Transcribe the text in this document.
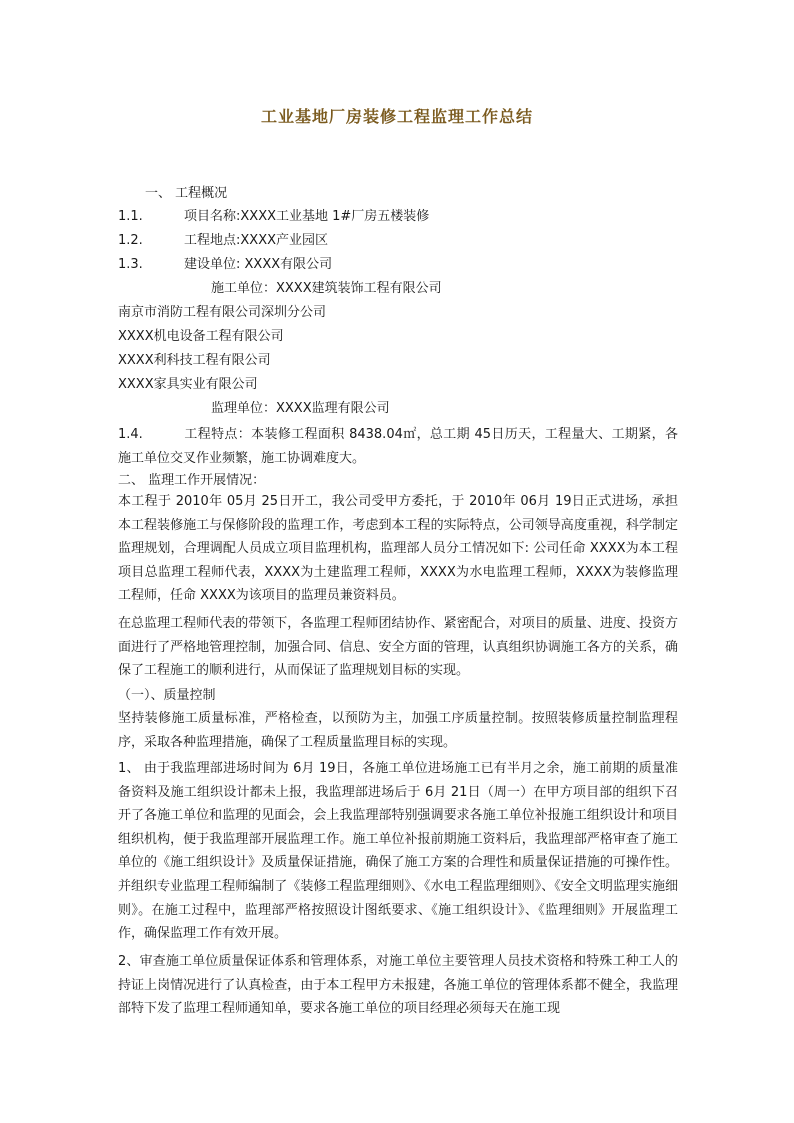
工业基地厂房装修工程监理工作总结
一、 工程概况
1.1.	项目名称:XXXX工业基地 1#厂房五楼装修
1.2.	工程地点:XXXX产业园区
1.3.	建设单位: XXXX有限公司
施工单位：XXXX建筑装饰工程有限公司
南京市消防工程有限公司深圳分公司
XXXX机电设备工程有限公司
XXXX利科技工程有限公司
XXXX家具实业有限公司
监理单位：XXXX监理有限公司
1.4.	工程特点：本装修工程面积 8438.04㎡，总工期 45日历天，工程量大、工期紧，各施工单位交叉作业频繁，施工协调难度大。
二、 监理工作开展情况：
本工程于 2010年 05月 25日开工，我公司受甲方委托，于 2010年 06月 19日正式进场，承担本工程装修施工与保修阶段的监理工作，考虑到本工程的实际特点，公司领导高度重视，科学制定监理规划，合理调配人员成立项目监理机构，监理部人员分工情况如下: 公司任命 XXXX为本工程项目总监理工程师代表，XXXX为土建监理工程师，XXXX为水电监理工程师，XXXX为装修监理工程师，任命 XXXX为该项目的监理员兼资料员。
在总监理工程师代表的带领下，各监理工程师团结协作、紧密配合，对项目的质量、进度、投资方面进行了严格地管理控制，加强合同、信息、安全方面的管理，认真组织协调施工各方的关系，确保了工程施工的顺利进行，从而保证了监理规划目标的实现。
（一）、质量控制
坚持装修施工质量标准，严格检查，以预防为主，加强工序质量控制。按照装修质量控制监理程序，采取各种监理措施，确保了工程质量监理目标的实现。
1、 由于我监理部进场时间为 6月 19日，各施工单位进场施工已有半月之余，施工前期的质量准备资料及施工组织设计都未上报，我监理部进场后于 6月 21日（周一）在甲方项目部的组织下召开了各施工单位和监理的见面会，会上我监理部特别强调要求各施工单位补报施工组织设计和项目组织机构，便于我监理部开展监理工作。施工单位补报前期施工资料后，我监理部严格审查了施工单位的《施工组织设计》及质量保证措施，确保了施工方案的合理性和质量保证措施的可操作性。并组织专业监理工程师编制了《装修工程监理细则》、《水电工程监理细则》、《安全文明监理实施细则》。在施工过程中，监理部严格按照设计图纸要求、《施工组织设计》、《监理细则》开展监理工作，确保监理工作有效开展。
2、审查施工单位质量保证体系和管理体系，对施工单位主要管理人员技术资格和特殊工种工人的持证上岗情况进行了认真检查，由于本工程甲方未报建，各施工单位的管理体系都不健全，我监理部特下发了监理工程师通知单，要求各施工单位的项目经理必须每天在施工现
